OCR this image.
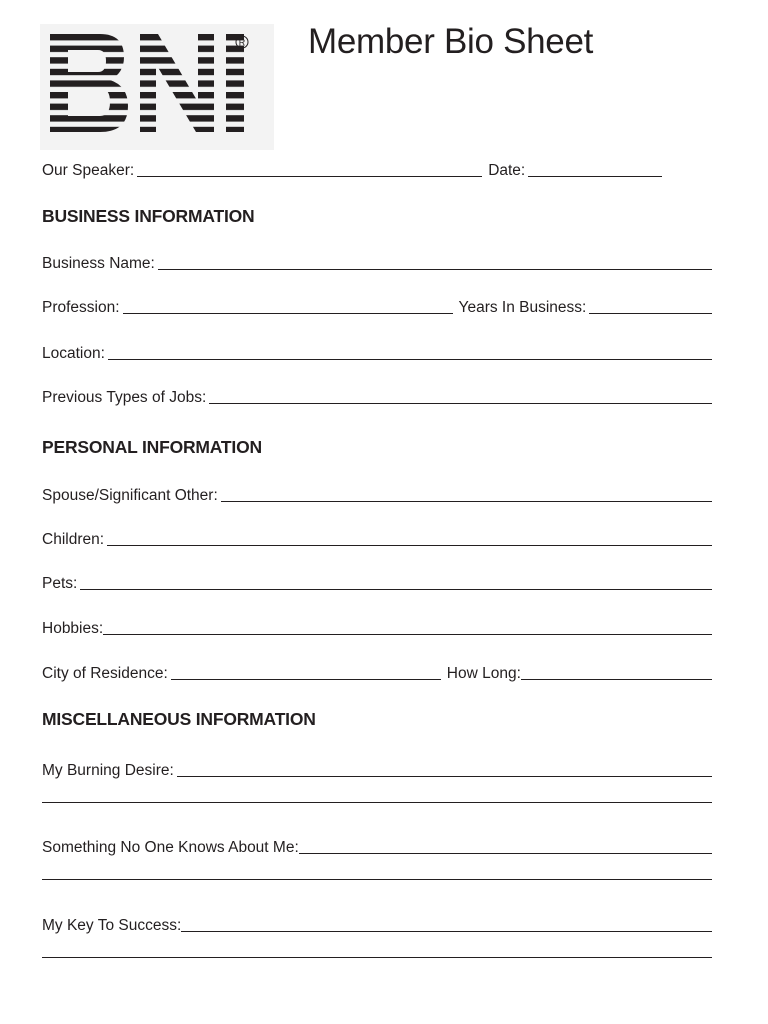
R Member Bio Sheet
Our Speaker:	Date:
BUSINESS INFORMATION
Business Name:
Profession:	Years In Business:
Location:
Previous Types of Jobs:
PERSONAL INFORMATION
Spouse/Significant Other:
Children:
Pets:
Hobbies:
City of Residence:	How Long:
MISCELLANEOUS INFORMATION
My Burning Desire:
Something No One Knows About Me:
My Key To Success:
